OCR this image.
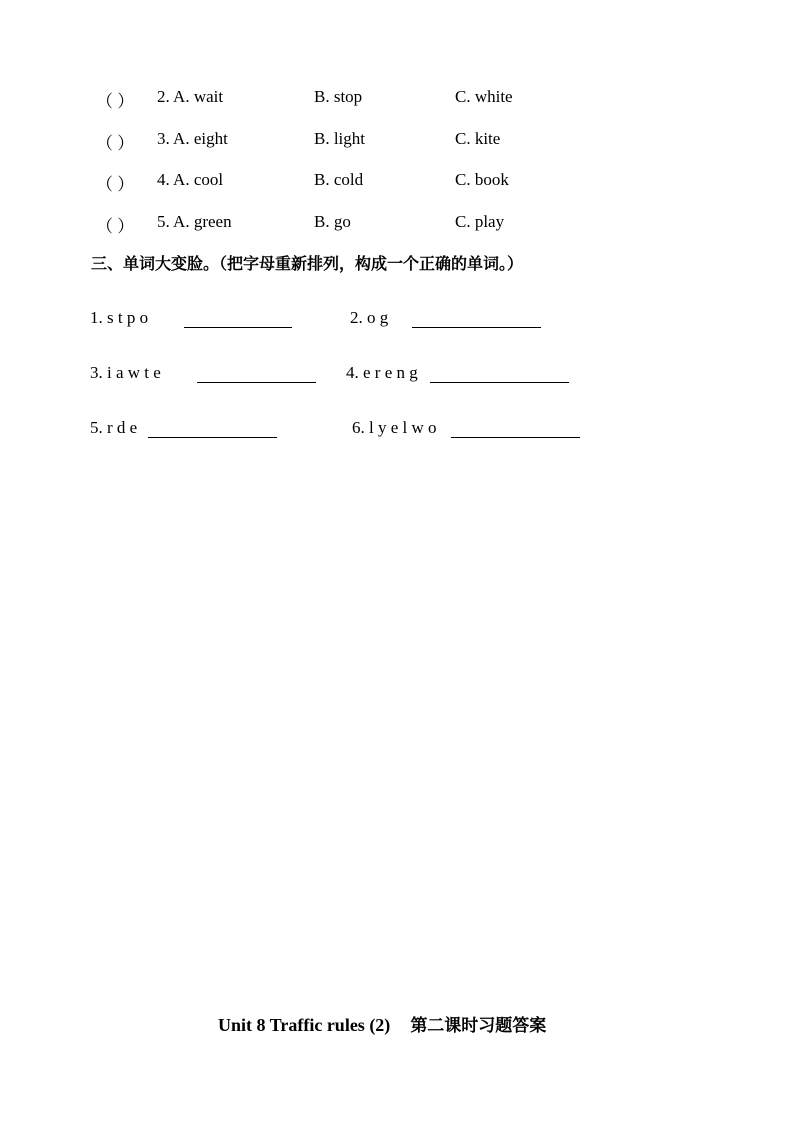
（ ） 2. A. wait	B. stop	C. white
（ ） 3. A. eight	B. light	C. kite
（ ） 4. A. cool	B. cold	C. book
（ ） 5. A. green	B. go	C. play
三、单词大变脸。（把字母重新排列，构成一个正确的单词。）
1. s t p o	2. o g
3. i a w t e	4. e r e n g
5. r d e	6. l y e l w o
Unit 8 Traffic rules (2) 第二课时习题答案
